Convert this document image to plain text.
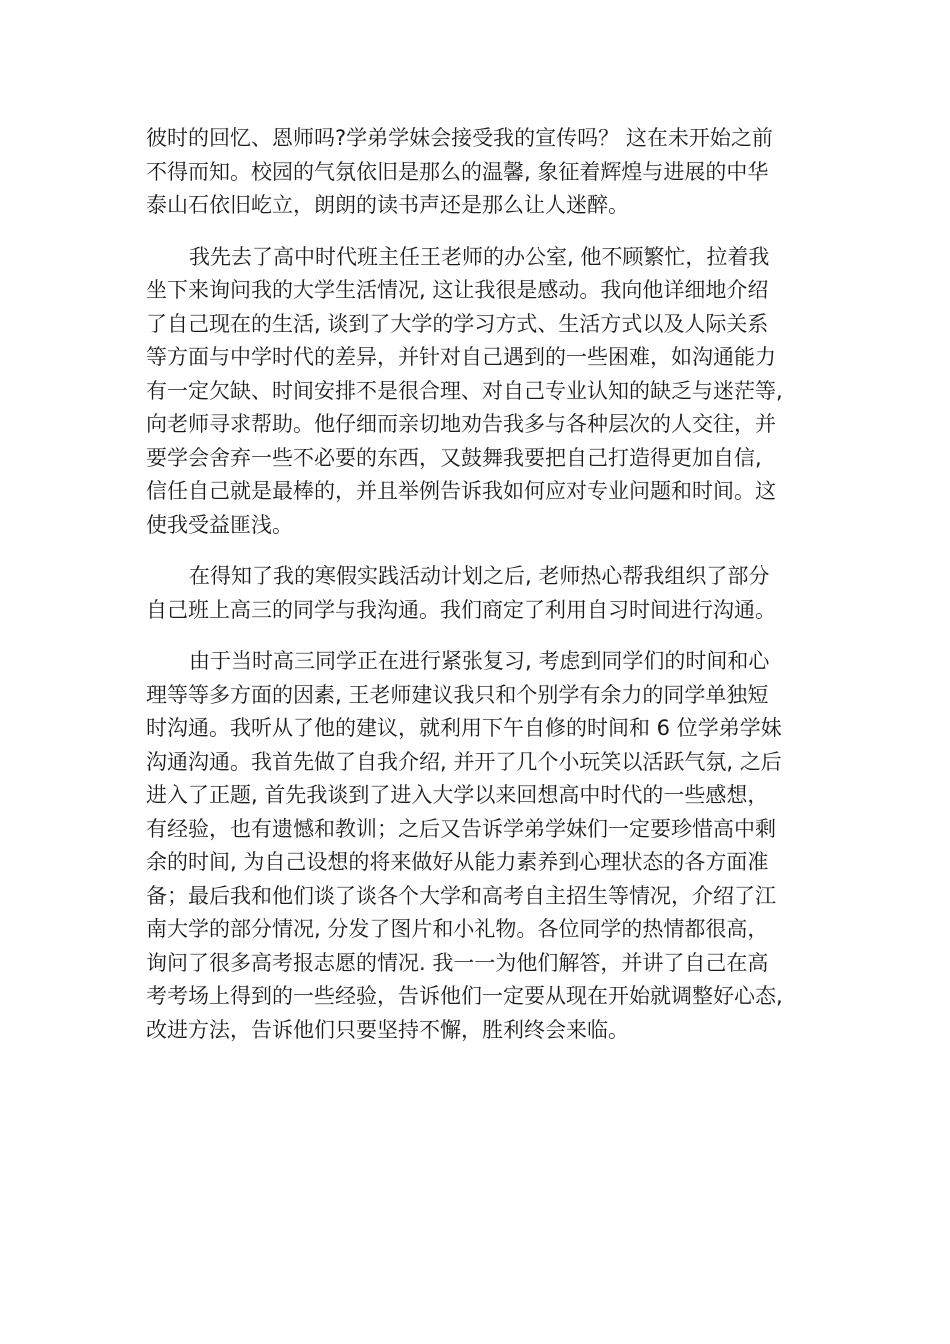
彼时的回忆、恩师吗?学弟学妹会接受我的宣传吗？ 这在未开始之前
不得而知。校园的气氛依旧是那么的温馨, 象征着辉煌与进展的中华
泰山石依旧屹立，朗朗的读书声还是那么让人迷醉。

我先去了高中时代班主任王老师的办公室, 他不顾繁忙，拉着我
坐下来询问我的大学生活情况, 这让我很是感动。我向他详细地介绍
了自己现在的生活, 谈到了大学的学习方式、生活方式以及人际关系
等方面与中学时代的差异，并针对自己遇到的一些困难，如沟通能力
有一定欠缺、时间安排不是很合理、对自己专业认知的缺乏与迷茫等,
向老师寻求帮助。他仔细而亲切地劝告我多与各种层次的人交往，并
要学会舍弃一些不必要的东西，又鼓舞我要把自己打造得更加自信,
信任自己就是最棒的，并且举例告诉我如何应对专业问题和时间。这
使我受益匪浅。

在得知了我的寒假实践活动计划之后, 老师热心帮我组织了部分
自己班上高三的同学与我沟通。我们商定了利用自习时间进行沟通。

由于当时高三同学正在进行紧张复习, 考虑到同学们的时间和心
理等等多方面的因素, 王老师建议我只和个别学有余力的同学单独短
时沟通。我听从了他的建议，就利用下午自修的时间和 6 位学弟学妹
沟通沟通。我首先做了自我介绍, 并开了几个小玩笑以活跃气氛, 之后
进入了正题, 首先我谈到了进入大学以来回想高中时代的一些感想，
有经验，也有遗憾和教训；之后又告诉学弟学妹们一定要珍惜高中剩
余的时间, 为自己设想的将来做好从能力素养到心理状态的各方面准
备；最后我和他们谈了谈各个大学和高考自主招生等情况，介绍了江
南大学的部分情况, 分发了图片和小礼物。各位同学的热情都很高，
询问了很多高考报志愿的情况. 我一一为他们解答，并讲了自己在高
考考场上得到的一些经验，告诉他们一定要从现在开始就调整好心态,
改进方法，告诉他们只要坚持不懈，胜利终会来临。
